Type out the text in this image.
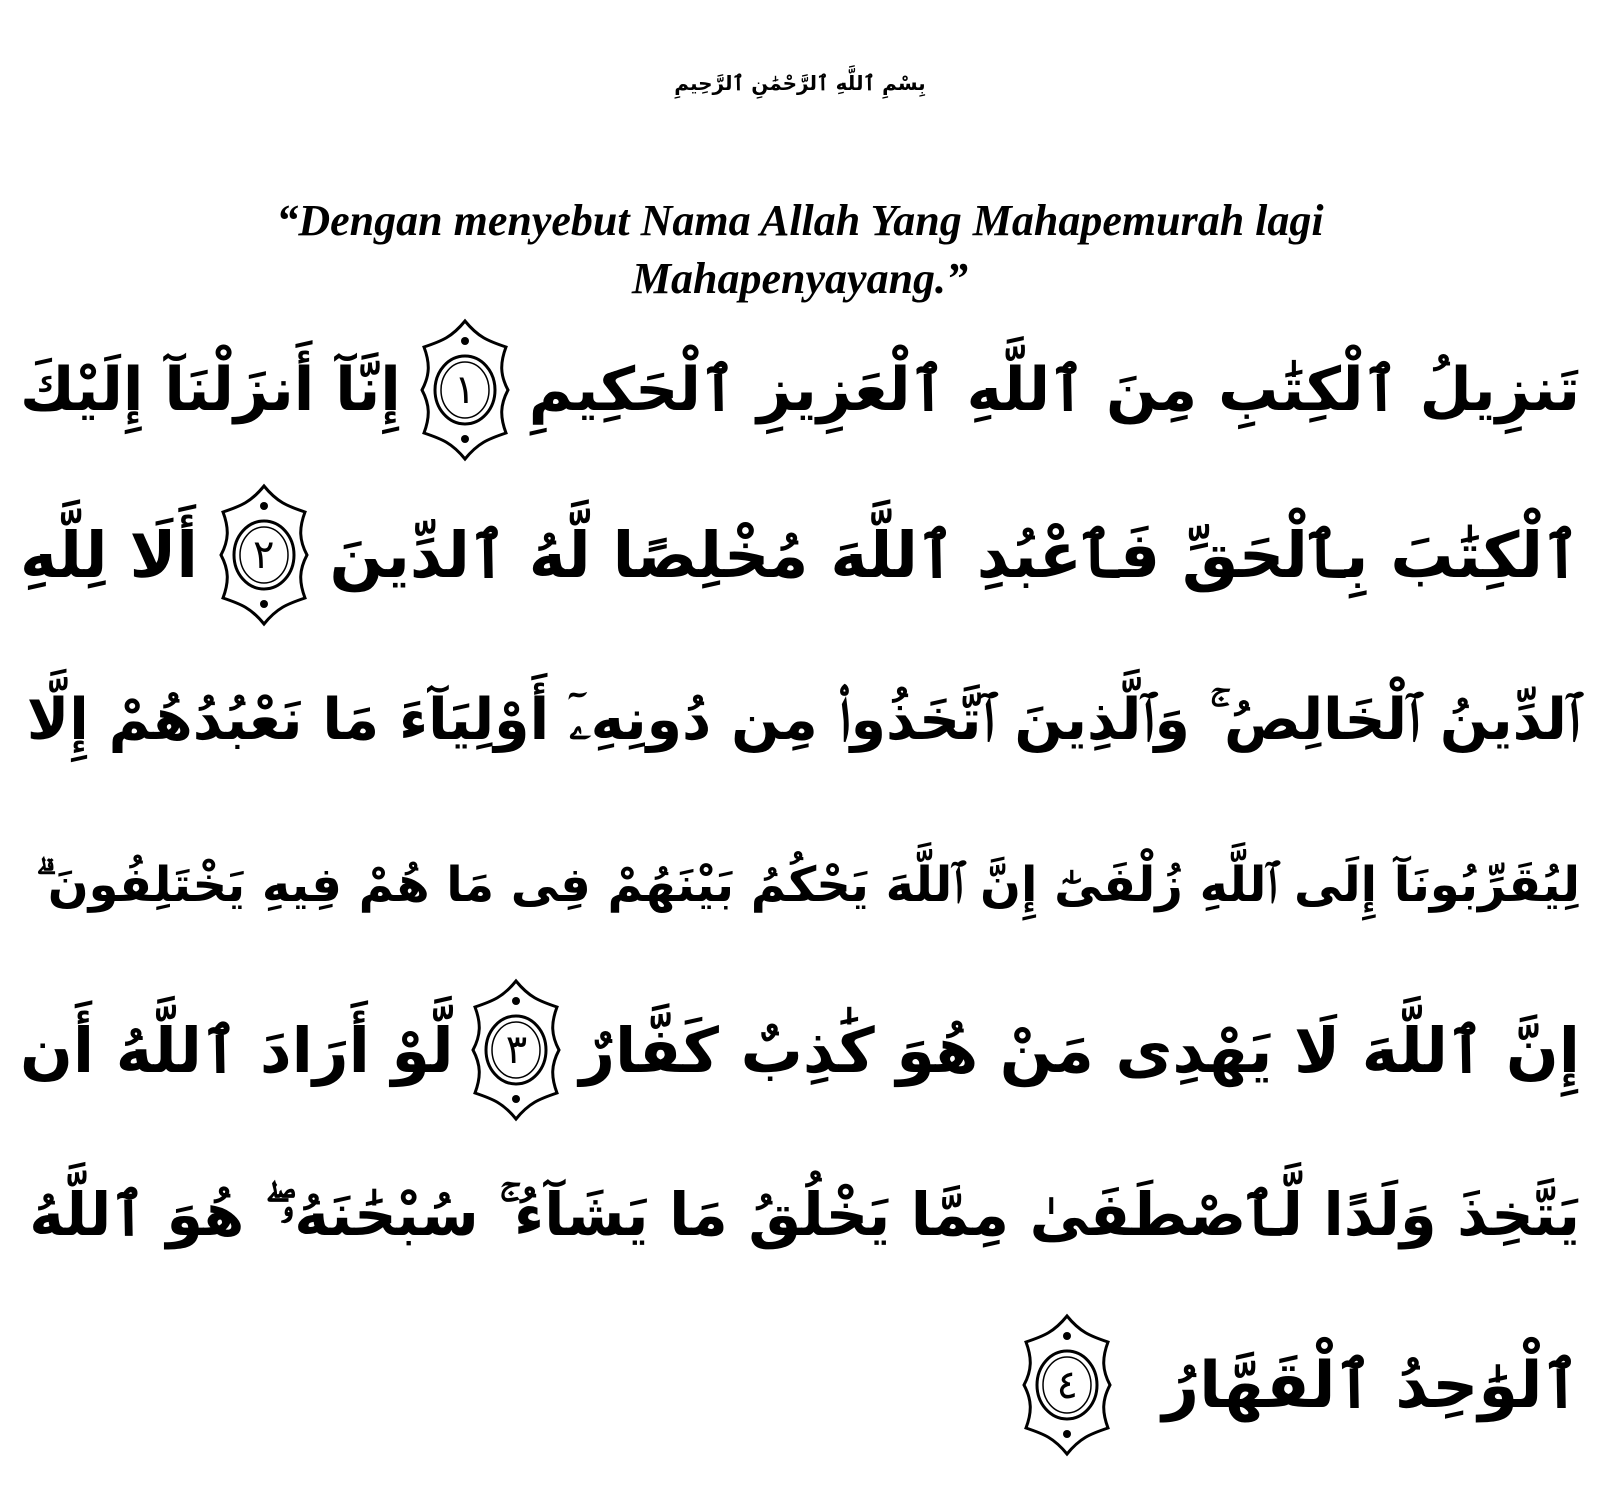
بِسْمِ ٱللَّهِ ٱلرَّحْمَٰنِ ٱلرَّحِيمِ
“Dengan menyebut Nama Allah Yang Mahapemurah lagi
Mahapenyayang.”
تَنزِيلُ ٱلْكِتَٰبِ مِنَ ٱللَّهِ ٱلْعَزِيزِ ٱلْحَكِيمِ
١
إِنَّآ أَنزَلْنَآ إِلَيْكَ
ٱلْكِتَٰبَ بِٱلْحَقِّ فَٱعْبُدِ ٱللَّهَ مُخْلِصًا لَّهُ ٱلدِّينَ
٢
أَلَا لِلَّهِ
ٱلدِّينُ ٱلْخَالِصُ ۚ وَٱلَّذِينَ ٱتَّخَذُوا۟ مِن دُونِهِۦٓ أَوْلِيَآءَ مَا نَعْبُدُهُمْ إِلَّا
لِيُقَرِّبُونَآ إِلَى ٱللَّهِ زُلْفَىٰٓ إِنَّ ٱللَّهَ يَحْكُمُ بَيْنَهُمْ فِى مَا هُمْ فِيهِ يَخْتَلِفُونَ ۗ
إِنَّ ٱللَّهَ لَا يَهْدِى مَنْ هُوَ كَٰذِبٌ كَفَّارٌ
٣
لَّوْ أَرَادَ ٱللَّهُ أَن
يَتَّخِذَ وَلَدًا لَّٱصْطَفَىٰ مِمَّا يَخْلُقُ مَا يَشَآءُ ۚ سُبْحَٰنَهُۥ ۖ هُوَ ٱللَّهُ
ٱلْوَٰحِدُ ٱلْقَهَّارُ
٤
